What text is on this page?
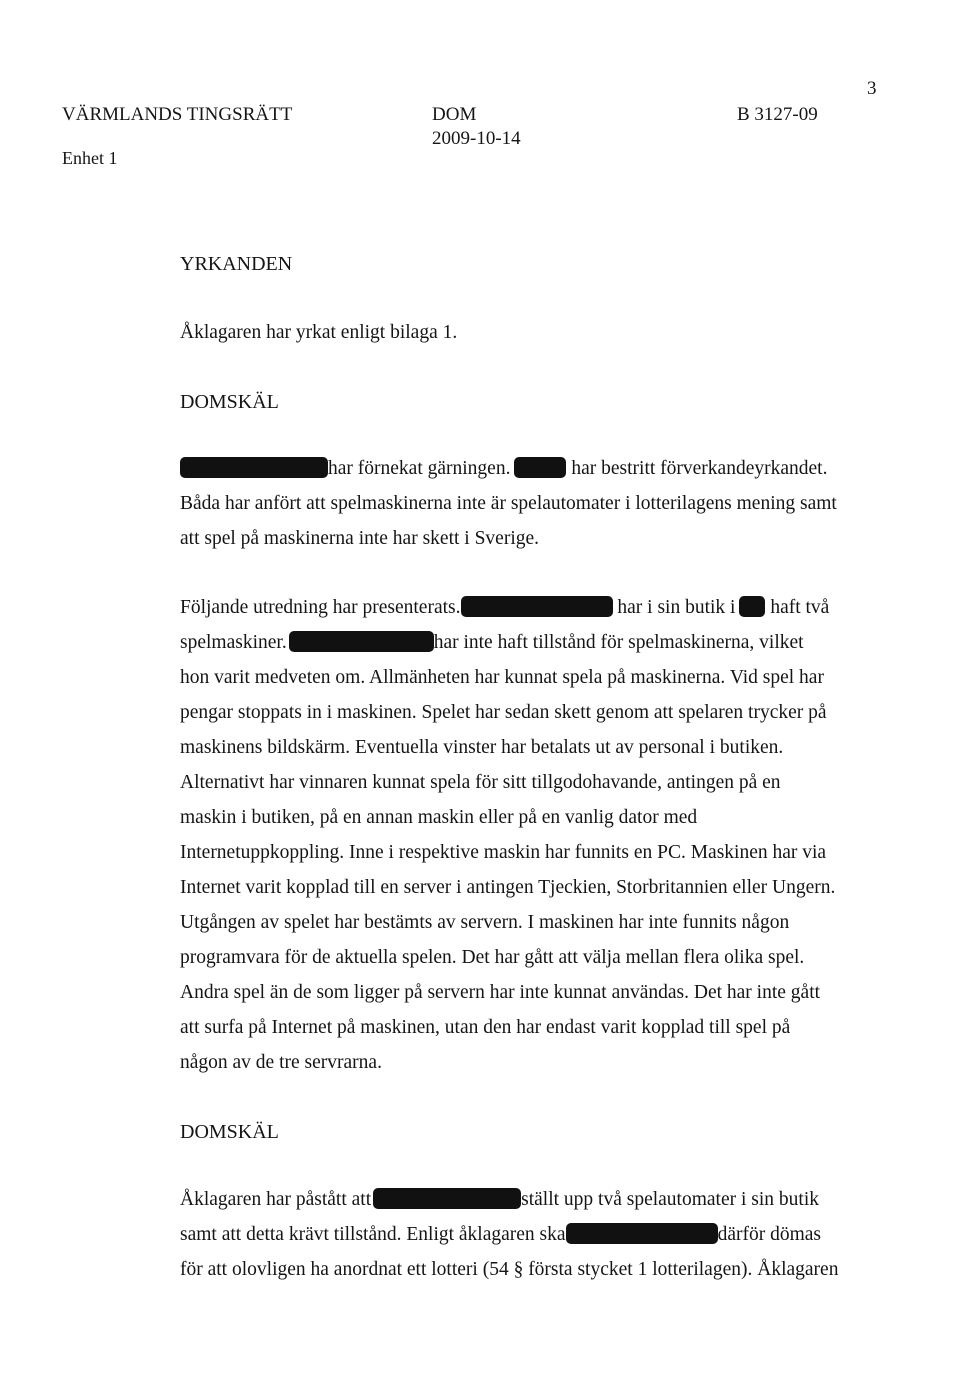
VÄRMLANDS TINGSRÄTT
Enhet 1
DOM
2009-10-14
B 3127-09
3
YRKANDEN
Åklagaren har yrkat enligt bilaga 1.
DOMSKÄL
har förnekat gärningen.	har bestritt förverkandeyrkandet.
Båda har anfört att spelmaskinerna inte är spelautomater i lotterilagens mening samt
att spel på maskinerna inte har skett i Sverige.
Följande utredning har presenterats.	har i sin butik i haft två
spelmaskiner.	har inte haft tillstånd för spelmaskinerna, vilket
hon varit medveten om. Allmänheten har kunnat spela på maskinerna. Vid spel har
pengar stoppats in i maskinen. Spelet har sedan skett genom att spelaren trycker på
maskinens bildskärm. Eventuella vinster har betalats ut av personal i butiken.
Alternativt har vinnaren kunnat spela för sitt tillgodohavande, antingen på en
maskin i butiken, på en annan maskin eller på en vanlig dator med
Internetuppkoppling. Inne i respektive maskin har funnits en PC. Maskinen har via
Internet varit kopplad till en server i antingen Tjeckien, Storbritannien eller Ungern.
Utgången av spelet har bestämts av servern. I maskinen har inte funnits någon
programvara för de aktuella spelen. Det har gått att välja mellan flera olika spel.
Andra spel än de som ligger på servern har inte kunnat användas. Det har inte gått
att surfa på Internet på maskinen, utan den har endast varit kopplad till spel på
någon av de tre servrarna.
DOMSKÄL
Åklagaren har påstått att	ställt upp två spelautomater i sin butik
samt att detta krävt tillstånd. Enligt åklagaren ska	därför dömas
för att olovligen ha anordnat ett lotteri (54 § första stycket 1 lotterilagen). Åklagaren
